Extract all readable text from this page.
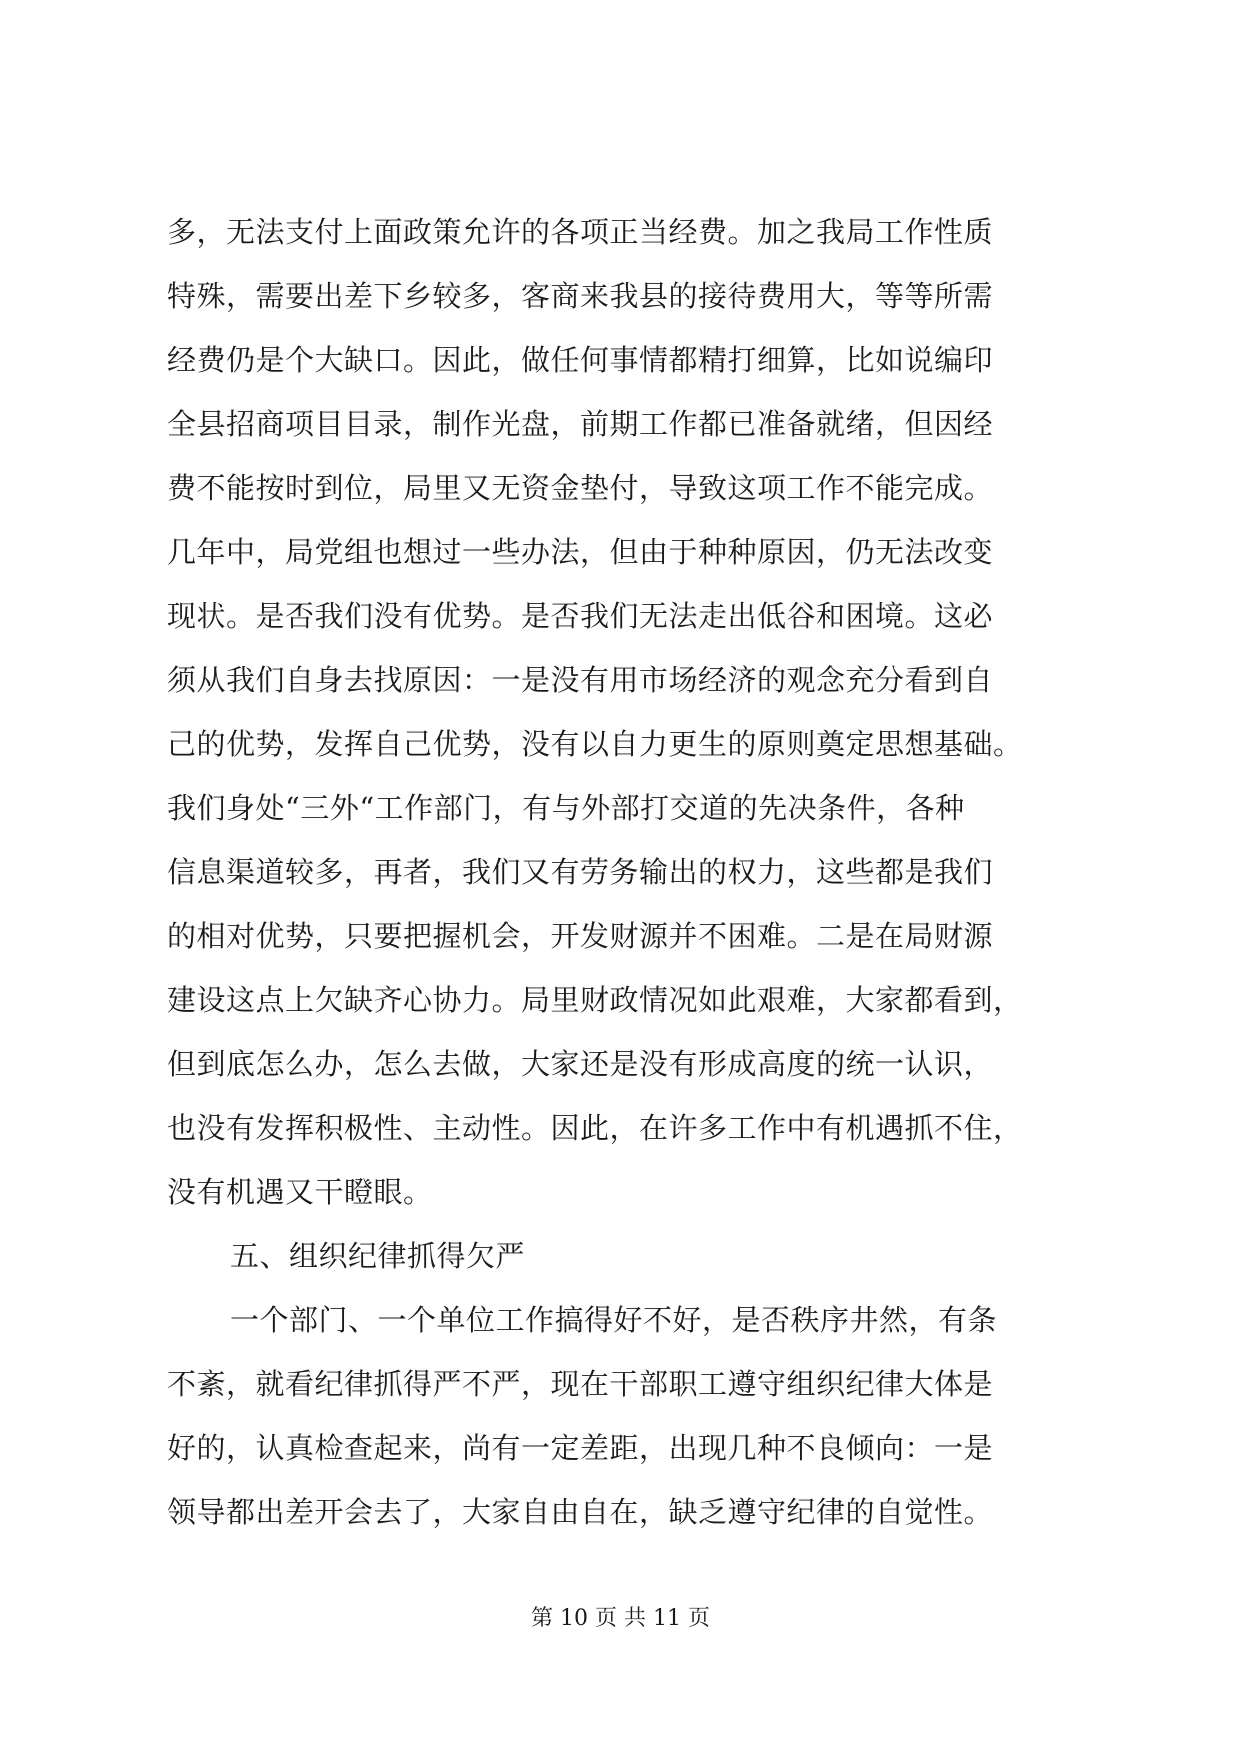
多，无法支付上面政策允许的各项正当经费。加之我局工作性质
特殊，需要出差下乡较多，客商来我县的接待费用大，等等所需
经费仍是个大缺口。因此，做任何事情都精打细算，比如说编印
全县招商项目目录，制作光盘，前期工作都已准备就绪，但因经
费不能按时到位，局里又无资金垫付，导致这项工作不能完成。
几年中，局党组也想过一些办法，但由于种种原因，仍无法改变
现状。是否我们没有优势。是否我们无法走出低谷和困境。这必
须从我们自身去找原因：一是没有用市场经济的观念充分看到自
己的优势，发挥自己优势，没有以自力更生的原则奠定思想基础。
我们身处“三外“工作部门，有与外部打交道的先决条件，各种
信息渠道较多，再者，我们又有劳务输出的权力，这些都是我们
的相对优势，只要把握机会，开发财源并不困难。二是在局财源
建设这点上欠缺齐心协力。局里财政情况如此艰难，大家都看到，
但到底怎么办，怎么去做，大家还是没有形成高度的统一认识，
也没有发挥积极性、主动性。因此，在许多工作中有机遇抓不住，
没有机遇又干瞪眼。
五、组织纪律抓得欠严
一个部门、一个单位工作搞得好不好，是否秩序井然，有条
不紊，就看纪律抓得严不严，现在干部职工遵守组织纪律大体是
好的，认真检查起来，尚有一定差距，出现几种不良倾向：一是
领导都出差开会去了，大家自由自在，缺乏遵守纪律的自觉性。
第 10 页 共 11 页
